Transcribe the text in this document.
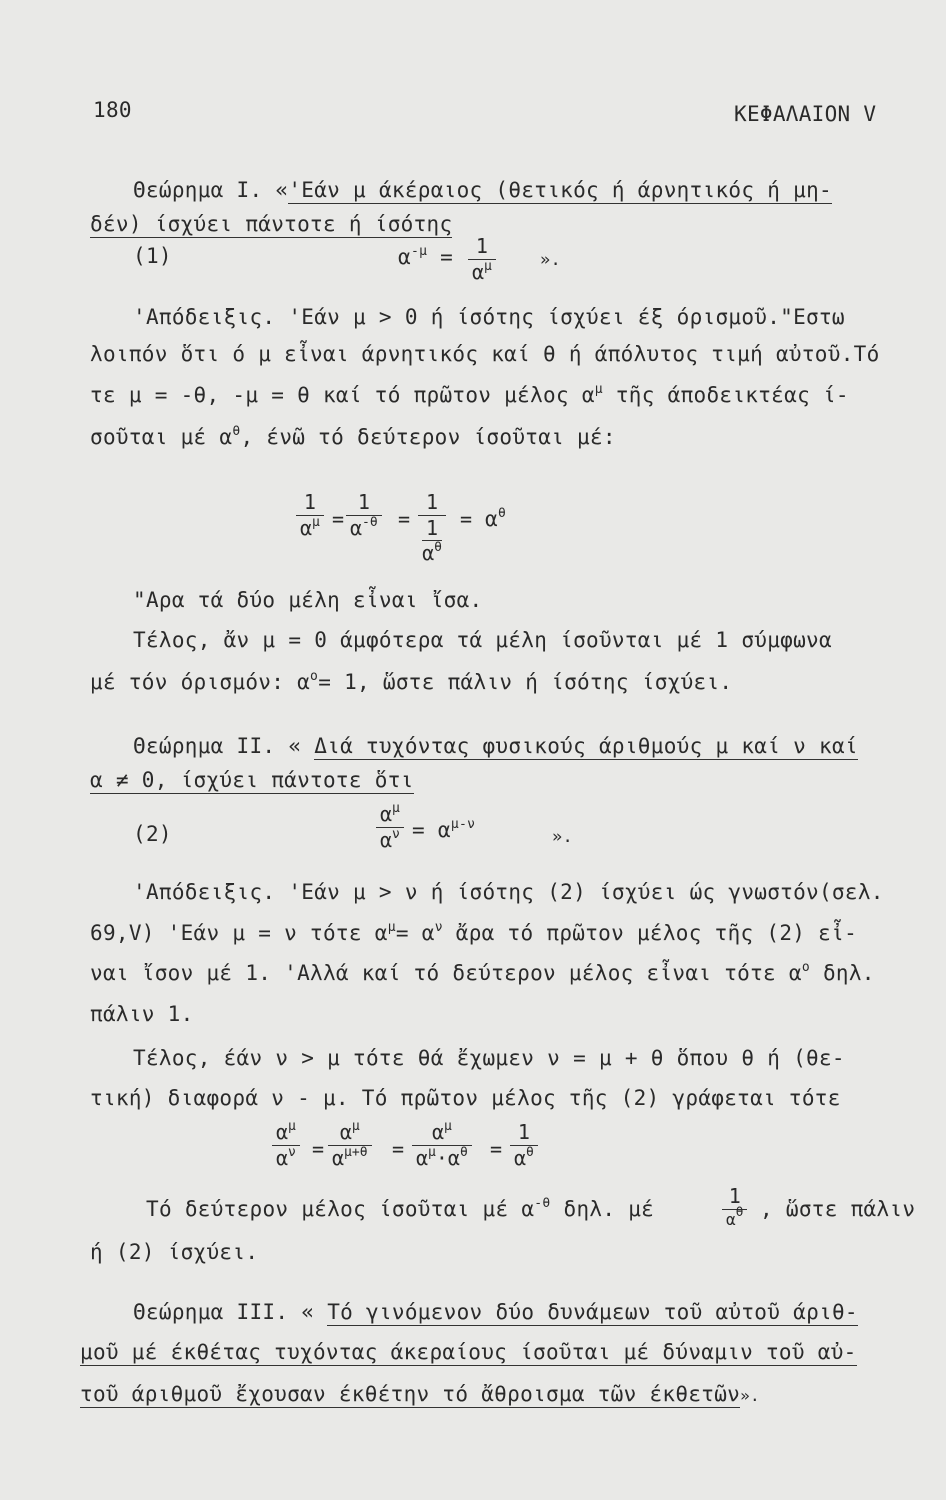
180	ΚΕΦΑΛΑΙΟΝ V
Θεώρημα I. «'Εάν μ άκέραιος (θετικός ή άρνητικός ή μη-
δέν) ίσχύει πάντοτε ή ίσότης
(1)	$\alpha^{-\mu} = 1$
$\alpha^\mu$	».
'Απόδειξις. 'Εάν μ > 0 ή ίσότης ίσχύει έξ όρισμοῦ."Εστω
λοιπόν ὅτι ό μ εἶναι άρνητικός καί θ ή άπόλυτος τιμή αὐτοῦ.Τό
τε μ = -θ, -μ = θ καί τό πρῶτον μέλος $\alpha^\mu$ τῆς άποδεικτέας ί-
σοῦται μέ $\alpha^\theta$, ένῶ τό δεύτερον ίσοῦται μέ:
1
$\alpha^\mu$ =
1
$\alpha^{-\theta}$ =
1
1
$\alpha^\theta$
= $\alpha^\theta$
"Αρα τά δύο μέλη εἶναι ἴσα.
Τέλος, ἄν μ = 0 άμφότερα τά μέλη ίσοῦνται μέ 1 σύμφωνα
μέ τόν όρισμόν: $\alpha^o= 1$, ὥστε πάλιν ή ίσότης ίσχύει.
Θεώρημα II. « Διά τυχόντας φυσικούς άριθμούς μ καί ν καί
α ≠ 0, ίσχύει πάντοτε ὅτι
(2)
$\alpha^\mu$
$\alpha^\nu = \alpha^{\mu-\nu}$
».
'Απόδειξις. 'Εάν μ > ν ή ίσότης (2) ίσχύει ώς γνωστόν(σελ.
69,V) 'Εάν μ = ν τότε $\alpha^\mu= \alpha^\nu$ ἄρα τό πρῶτον μέλος τῆς (2) εἶ-
ναι ἴσον μέ 1. 'Αλλά καί τό δεύτερον μέλος εἶναι τότε $\alpha^o$ δηλ.
πάλιν 1.
Τέλος, έάν ν > μ τότε θά ἔχωμεν ν = μ + θ ὅπου θ ή (θε-
τική) διαφορά ν - μ. Τό πρῶτον μέλος τῆς (2) γράφεται τότε
$\alpha^\mu$
$\alpha^\nu$ =
$\alpha^\mu$
$\alpha^{\mu+\theta}$ =
$\alpha^\mu$
$\alpha^\mu\cdot\alpha^\theta$ =
1
$\alpha^\theta$
Τό δεύτερον μέλος ίσοῦται μέ $\alpha^{-\theta}$ δηλ. μέ
1
$\alpha^\theta$ , ὥστε πάλιν
ή (2) ίσχύει.
Θεώρημα III. « Τό γινόμενον δύο δυνάμεων τοῦ αὐτοῦ άριθ-
μοῦ μέ έκθέτας τυχόντας άκεραίους ίσοῦται μέ δύναμιν τοῦ αὐ-
τοῦ άριθμοῦ ἔχουσαν έκθέτην τό ἄθροισμα τῶν έκθετῶν».
